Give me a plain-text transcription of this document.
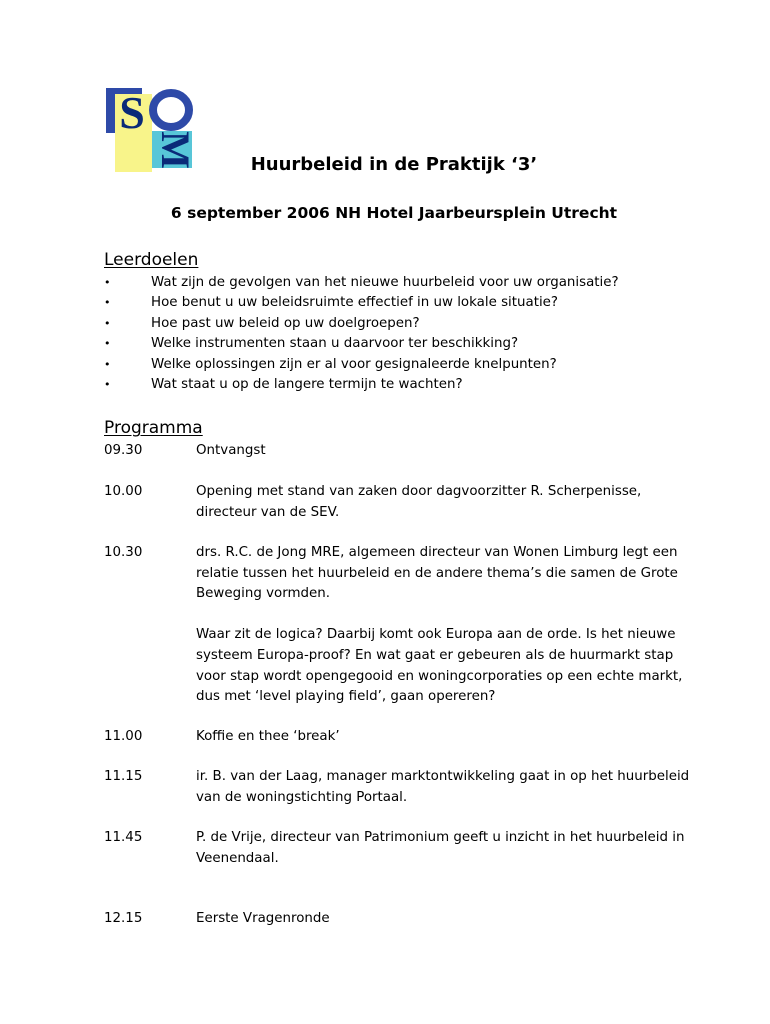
S
M	Huurbeleid in de Praktijk ‘3’
6 september 2006 NH Hotel Jaarbeursplein Utrecht
Leerdoelen
•	Wat zijn de gevolgen van het nieuwe huurbeleid voor uw organisatie?
•	Hoe benut u uw beleidsruimte effectief in uw lokale situatie?
•	Hoe past uw beleid op uw doelgroepen?
•	Welke instrumenten staan u daarvoor ter beschikking?
•	Welke oplossingen zijn er al voor gesignaleerde knelpunten?
•	Wat staat u op de langere termijn te wachten?
Programma
09.30	Ontvangst

10.00	Opening met stand van zaken door dagvoorzitter R. Scherpenisse, directeur van de SEV.

10.30	drs. R.C. de Jong MRE, algemeen directeur van Wonen Limburg legt een relatie tussen het huurbeleid en de andere thema’s die samen de Grote Beweging vormden.

Waar zit de logica? Daarbij komt ook Europa aan de orde. Is het nieuwe systeem Europa-proof? En wat gaat er gebeuren als de huurmarkt stap voor stap wordt opengegooid en woningcorporaties op een echte markt, dus met ‘level playing field’, gaan opereren?

11.00	Koffie en thee ‘break’

11.15	ir. B. van der Laag, manager marktontwikkeling gaat in op het huurbeleid van de woningstichting Portaal.

11.45	P. de Vrije, directeur van Patrimonium geeft u inzicht in het huurbeleid in Veenendaal.

12.15	Eerste Vragenronde
